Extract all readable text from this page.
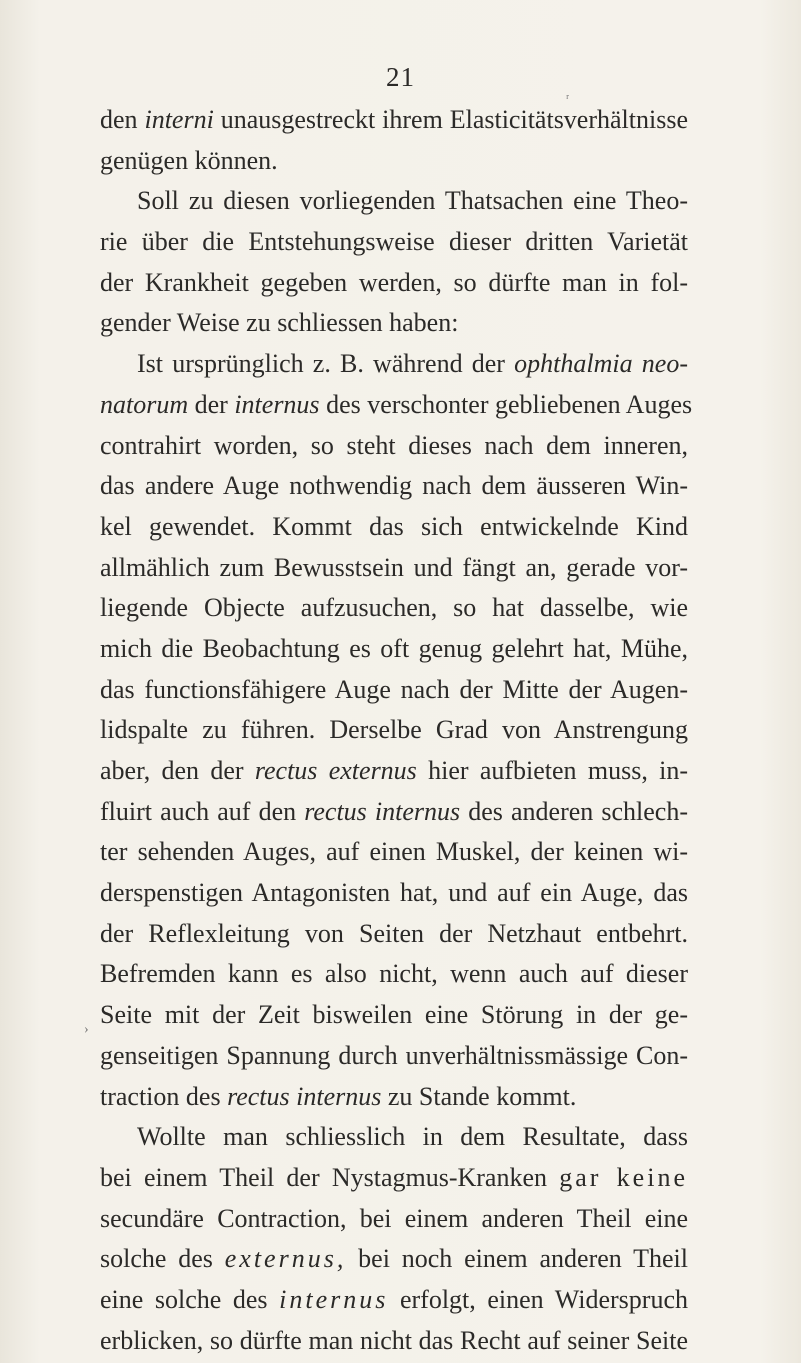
21
den interni unausgestreckt ihrem Elasticitätsverhältnisse
genügen können.
Soll zu diesen vorliegenden Thatsachen eine Theo-
rie über die Entstehungsweise dieser dritten Varietät
der Krankheit gegeben werden, so dürfte man in fol-
gender Weise zu schliessen haben:
Ist ursprünglich z. B. während der ophthalmia neo-
natorum der internus des verschonter gebliebenen Auges
contrahirt worden, so steht dieses nach dem inneren,
das andere Auge nothwendig nach dem äusseren Win-
kel gewendet. Kommt das sich entwickelnde Kind
allmählich zum Bewusstsein und fängt an, gerade vor-
liegende Objecte aufzusuchen, so hat dasselbe, wie
mich die Beobachtung es oft genug gelehrt hat, Mühe,
das functionsfähigere Auge nach der Mitte der Augen-
lidspalte zu führen. Derselbe Grad von Anstrengung
aber, den der rectus externus hier aufbieten muss, in-
fluirt auch auf den rectus internus des anderen schlech-
ter sehenden Auges, auf einen Muskel, der keinen wi-
derspenstigen Antagonisten hat, und auf ein Auge, das
der Reflexleitung von Seiten der Netzhaut entbehrt.
Befremden kann es also nicht, wenn auch auf dieser
Seite mit der Zeit bisweilen eine Störung in der ge-
genseitigen Spannung durch unverhältnissmässige Con-
traction des rectus internus zu Stande kommt.
Wollte man schliesslich in dem Resultate, dass
bei einem Theil der Nystagmus-Kranken gar keine
secundäre Contraction, bei einem anderen Theil eine
solche des externus, bei noch einem anderen Theil
eine solche des internus erfolgt, einen Widerspruch
erblicken, so dürfte man nicht das Recht auf seiner Seite
ʳ
›
